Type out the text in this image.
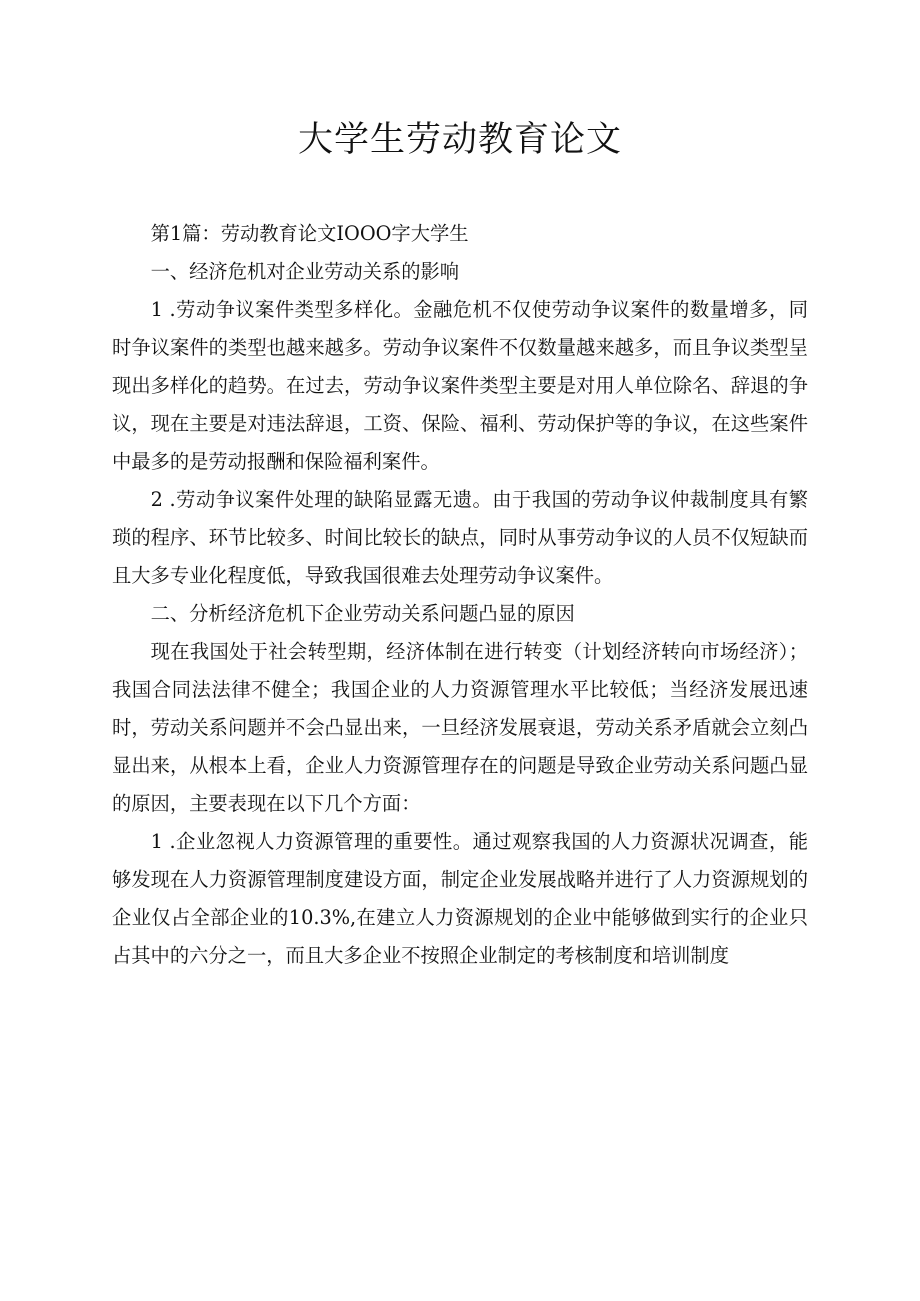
大学生劳动教育论文

第1篇：劳动教育论文IOOO字大学生

一、经济危机对企业劳动关系的影响

1 .劳动争议案件类型多样化。金融危机不仅使劳动争议案件的数量增多，同时争议案件的类型也越来越多。劳动争议案件不仅数量越来越多，而且争议类型呈现出多样化的趋势。在过去，劳动争议案件类型主要是对用人单位除名、辞退的争议，现在主要是对违法辞退，工资、保险、福利、劳动保护等的争议，在这些案件中最多的是劳动报酬和保险福利案件。

2 .劳动争议案件处理的缺陷显露无遗。由于我国的劳动争议仲裁制度具有繁琐的程序、环节比较多、时间比较长的缺点，同时从事劳动争议的人员不仅短缺而且大多专业化程度低，导致我国很难去处理劳动争议案件。

二、分析经济危机下企业劳动关系问题凸显的原因

现在我国处于社会转型期，经济体制在进行转变（计划经济转向市场经济）；我国合同法法律不健全；我国企业的人力资源管理水平比较低；当经济发展迅速时，劳动关系问题并不会凸显出来，一旦经济发展衰退，劳动关系矛盾就会立刻凸显出来，从根本上看，企业人力资源管理存在的问题是导致企业劳动关系问题凸显的原因，主要表现在以下几个方面：

1 .企业忽视人力资源管理的重要性。通过观察我国的人力资源状况调查，能够发现在人力资源管理制度建设方面，制定企业发展战略并进行了人力资源规划的企业仅占全部企业的10.3%,在建立人力资源规划的企业中能够做到实行的企业只占其中的六分之一，而且大多企业不按照企业制定的考核制度和培训制度
